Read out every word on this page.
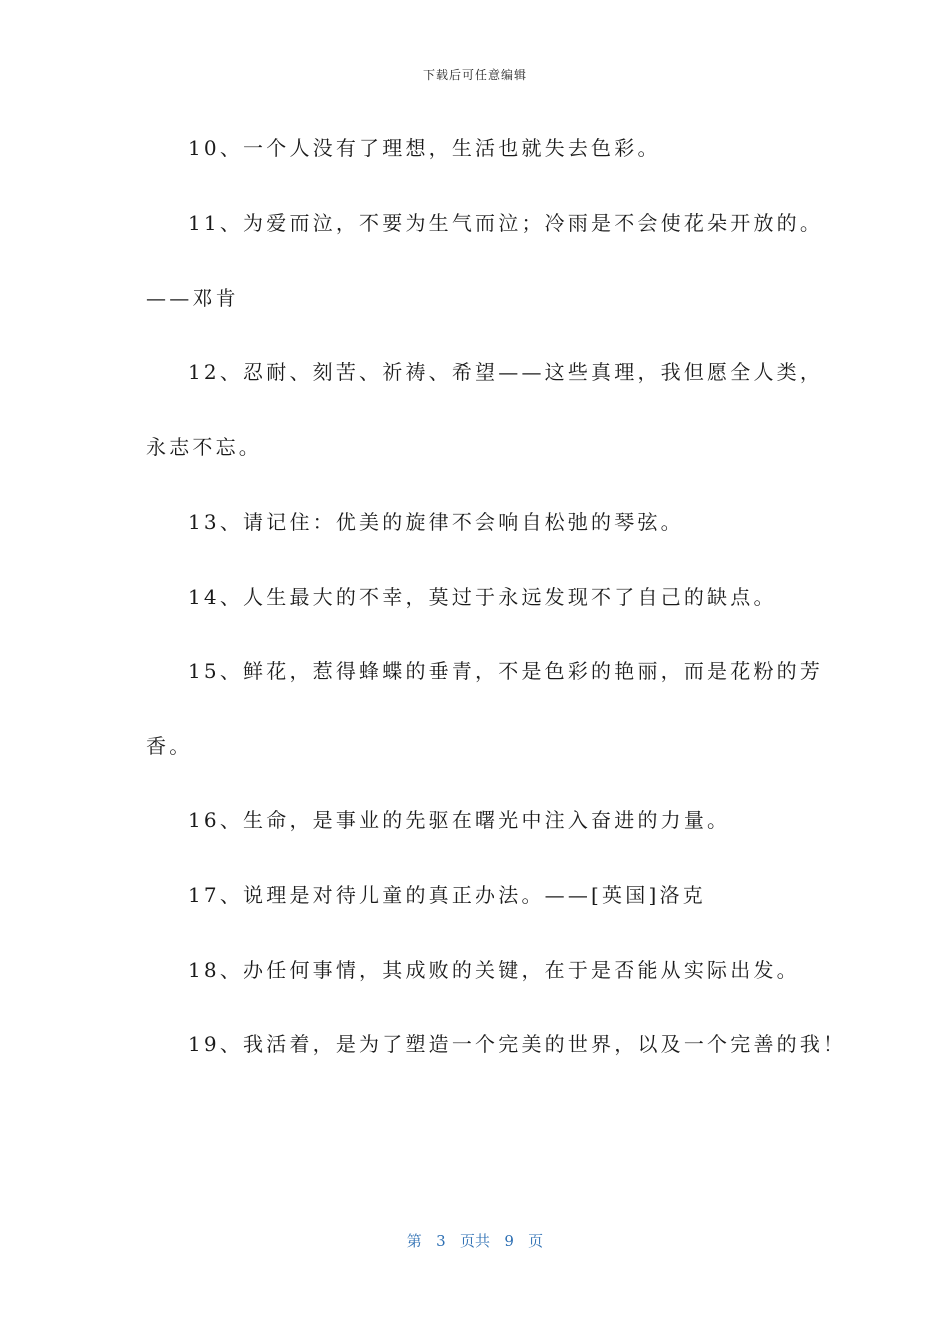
下载后可任意编辑
10、一个人没有了理想，生活也就失去色彩。
11、为爱而泣，不要为生气而泣；冷雨是不会使花朵开放的。
——邓肯
12、忍耐、刻苦、祈祷、希望——这些真理，我但愿全人类，
永志不忘。
13、请记住：优美的旋律不会响自松弛的琴弦。
14、人生最大的不幸，莫过于永远发现不了自己的缺点。
15、鲜花，惹得蜂蝶的垂青，不是色彩的艳丽，而是花粉的芳
香。
16、生命，是事业的先驱在曙光中注入奋进的力量。
17、说理是对待儿童的真正办法。——[英国]洛克
18、办任何事情，其成败的关键，在于是否能从实际出发。
19、我活着，是为了塑造一个完美的世界，以及一个完善的我！
第 3 页共 9 页
